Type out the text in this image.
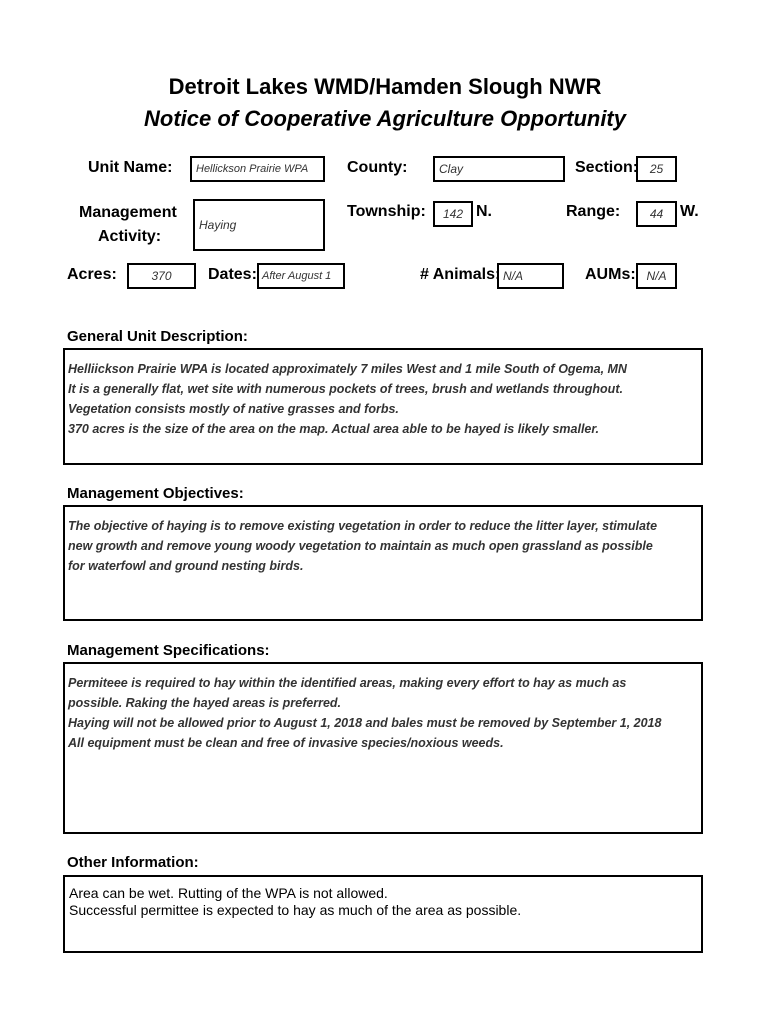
Detroit Lakes WMD/Hamden Slough NWR
Notice of Cooperative Agriculture Opportunity
Unit Name:	Hellickson Prairie WPA	County:	Clay	Section: 25
Management
Activity:
Haying
Township:	142 N.	Range:	44	W.
Acres:	370	Dates: After August 1	# Animals: N/A	AUMs: N/A
General Unit Description:
Helliickson Prairie WPA is located approximately 7 miles West and 1 mile South of Ogema, MN
It is a generally flat, wet site with numerous pockets of trees, brush and wetlands throughout.
Vegetation consists mostly of native grasses and forbs.
370 acres is the size of the area on the map. Actual area able to be hayed is likely smaller.
Management Objectives:
The objective of haying is to remove existing vegetation in order to reduce the litter layer, stimulate
new growth and remove young woody vegetation to maintain as much open grassland as possible
for waterfowl and ground nesting birds.
Management Specifications:
Permiteee is required to hay within the identified areas, making every effort to hay as much as
possible. Raking the hayed areas is preferred.
Haying will not be allowed prior to August 1, 2018 and bales must be removed by September 1, 2018
All equipment must be clean and free of invasive species/noxious weeds.
Other Information:
Area can be wet. Rutting of the WPA is not allowed.
Successful permittee is expected to hay as much of the area as possible.
